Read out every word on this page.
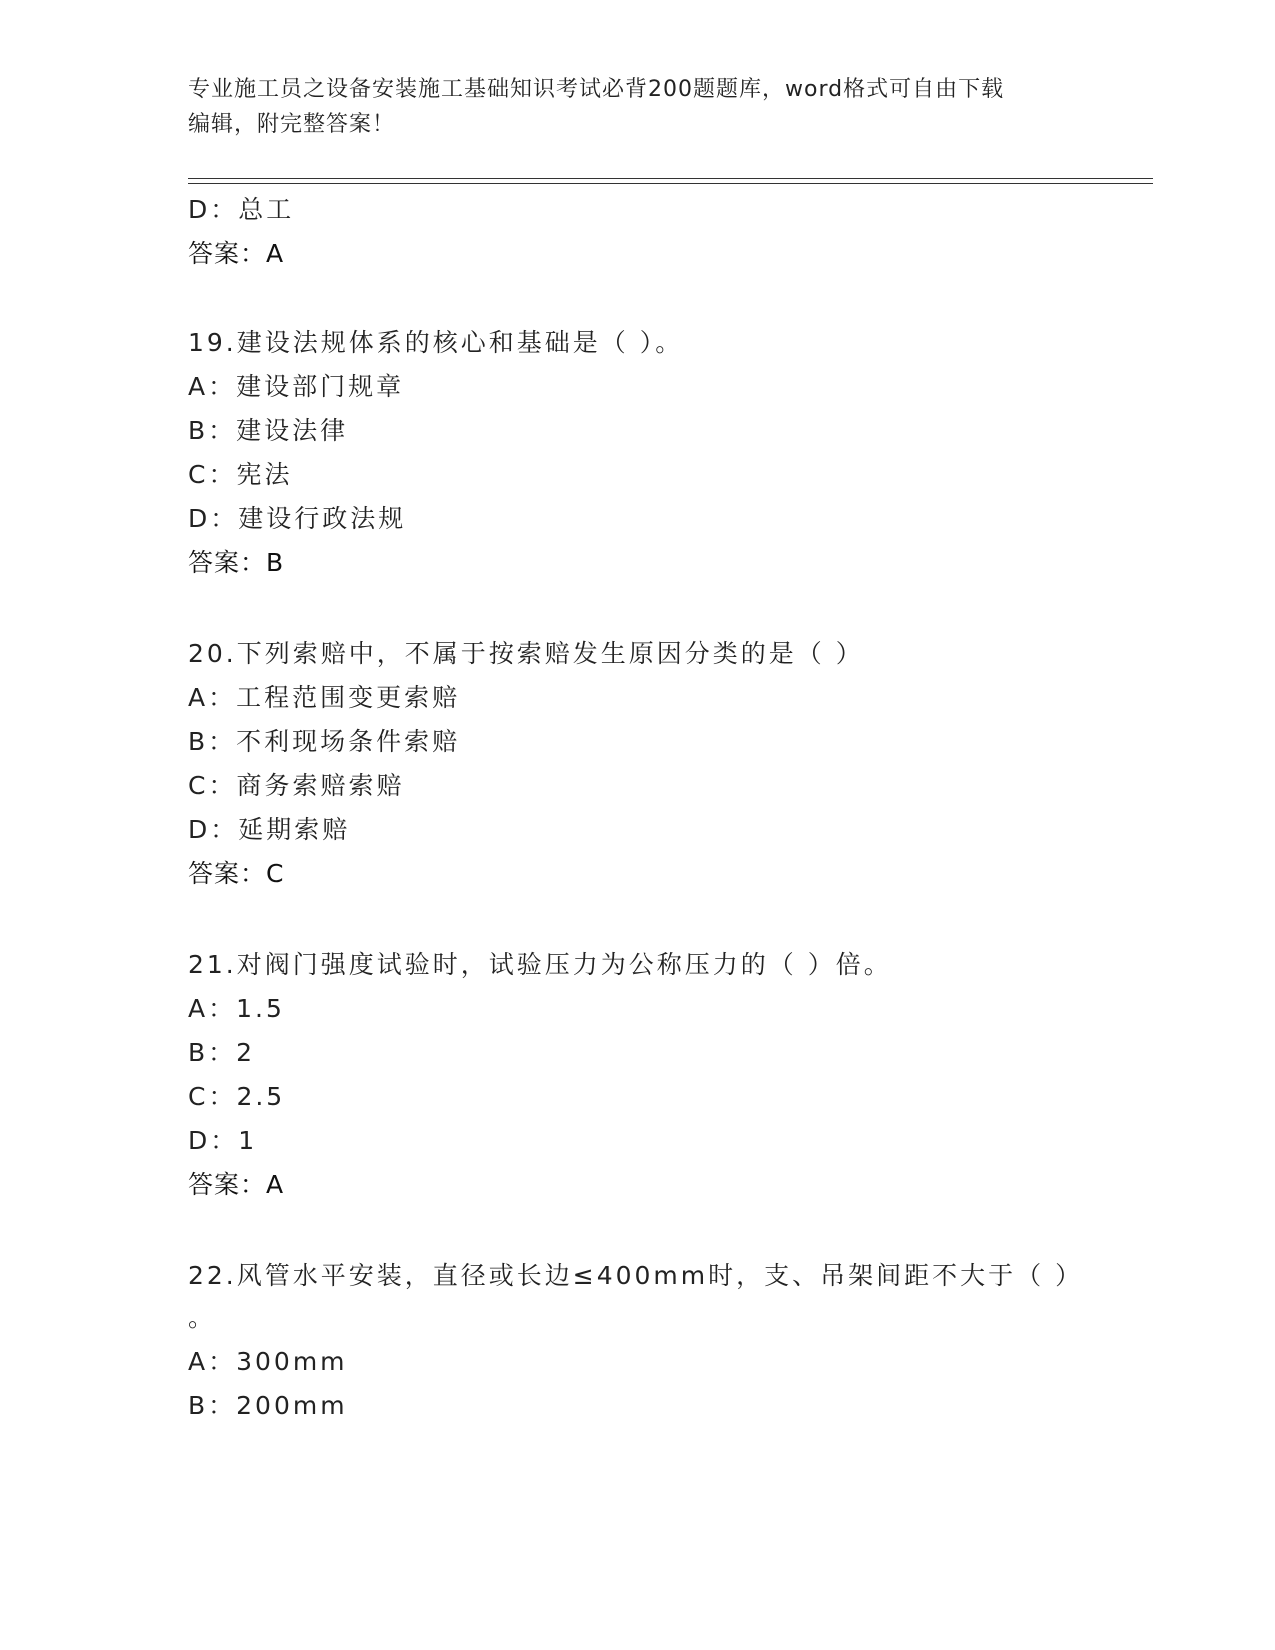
专业施工员之设备安装施工基础知识考试必背200题题库，word格式可自由下载
编辑，附完整答案！
D：总工
答案：A
19.建设法规体系的核心和基础是（ ）。
A：建设部门规章
B：建设法律
C：宪法
D：建设行政法规
答案：B
20.下列索赔中，不属于按索赔发生原因分类的是（ ）
A：工程范围变更索赔
B：不利现场条件索赔
C：商务索赔索赔
D：延期索赔
答案：C
21.对阀门强度试验时，试验压力为公称压力的（ ）倍。
A：1.5
B：2
C：2.5
D：1
答案：A
22.风管水平安装，直径或长边≤400mm时，支、吊架间距不大于（ ）
。
A：300mm
B：200mm
